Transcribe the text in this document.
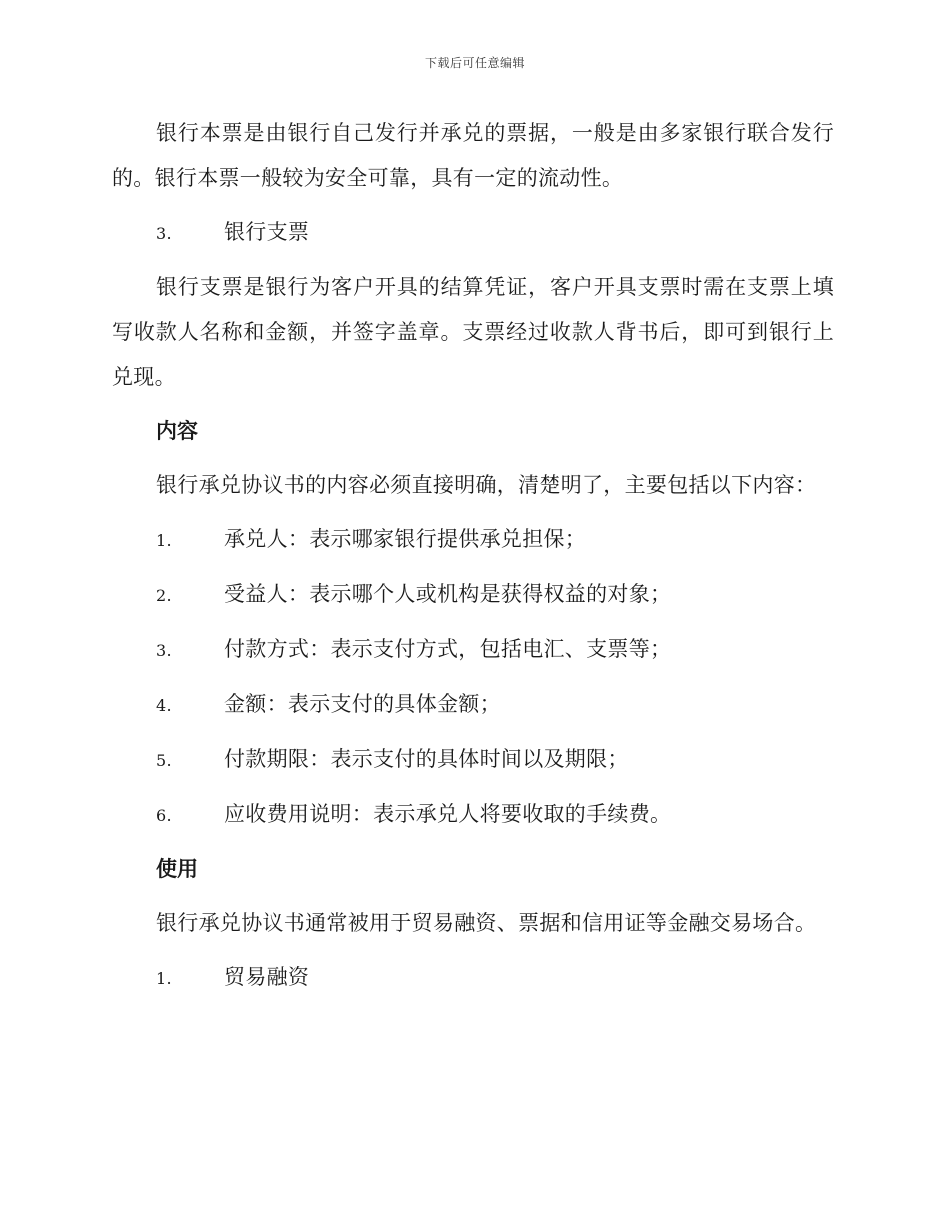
下载后可任意编辑

银行本票是由银行自己发行并承兑的票据，一般是由多家银行联合发行的。银行本票一般较为安全可靠，具有一定的流动性。

3.	银行支票

银行支票是银行为客户开具的结算凭证，客户开具支票时需在支票上填写收款人名称和金额，并签字盖章。支票经过收款人背书后，即可到银行上兑现。

内容

银行承兑协议书的内容必须直接明确，清楚明了，主要包括以下内容：

1.	承兑人：表示哪家银行提供承兑担保；
2.	受益人：表示哪个人或机构是获得权益的对象；
3.	付款方式：表示支付方式，包括电汇、支票等；
4.	金额：表示支付的具体金额；
5.	付款期限：表示支付的具体时间以及期限；
6.	应收费用说明：表示承兑人将要收取的手续费。

使用

银行承兑协议书通常被用于贸易融资、票据和信用证等金融交易场合。

1.	贸易融资
